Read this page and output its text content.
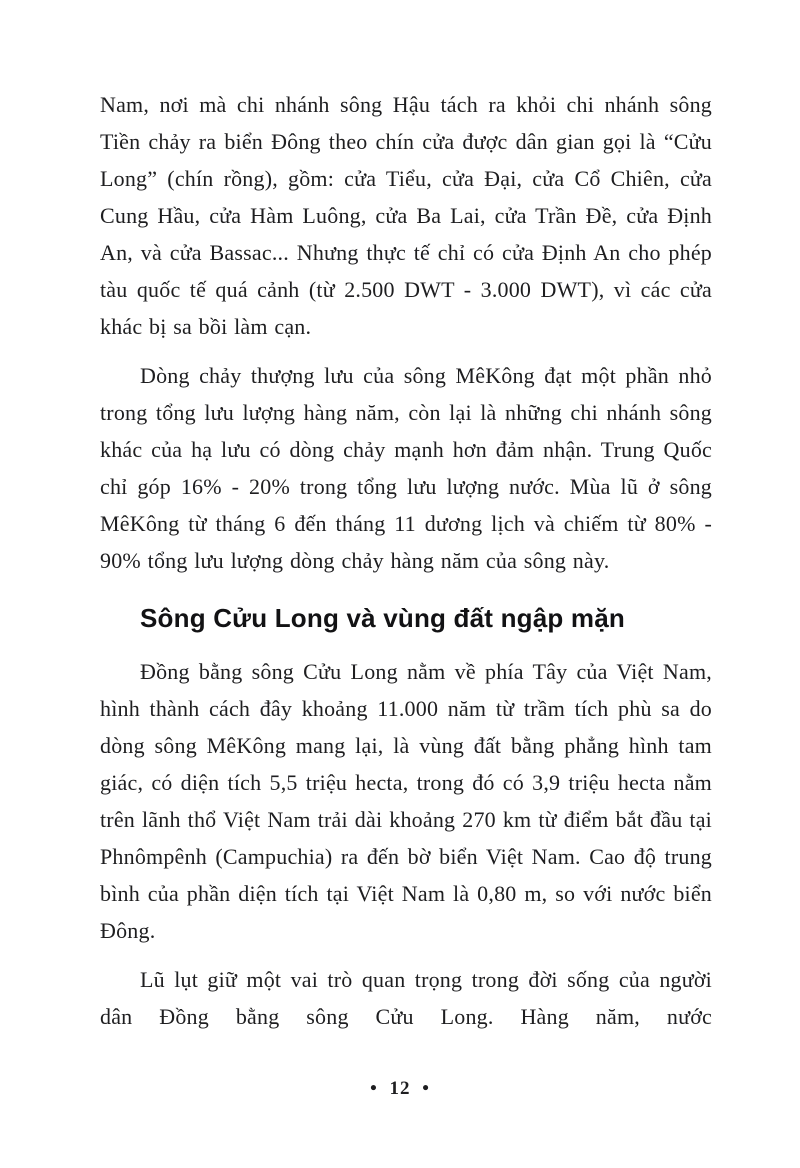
Nam, nơi mà chi nhánh sông Hậu tách ra khỏi chi nhánh sông Tiền chảy ra biển Đông theo chín cửa được dân gian gọi là “Cửu Long” (chín rồng), gồm: cửa Tiểu, cửa Đại, cửa Cổ Chiên, cửa Cung Hầu, cửa Hàm Luông, cửa Ba Lai, cửa Trần Đề, cửa Định An, và cửa Bassac... Nhưng thực tế chỉ có cửa Định An cho phép tàu quốc tế quá cảnh (từ 2.500 DWT - 3.000 DWT), vì các cửa khác bị sa bồi làm cạn.

Dòng chảy thượng lưu của sông MêKông đạt một phần nhỏ trong tổng lưu lượng hàng năm, còn lại là những chi nhánh sông khác của hạ lưu có dòng chảy mạnh hơn đảm nhận. Trung Quốc chỉ góp 16% - 20% trong tổng lưu lượng nước. Mùa lũ ở sông MêKông từ tháng 6 đến tháng 11 dương lịch và chiếm từ 80% - 90% tổng lưu lượng dòng chảy hàng năm của sông này.

Sông Cửu Long và vùng đất ngập mặn

Đồng bằng sông Cửu Long nằm về phía Tây của Việt Nam, hình thành cách đây khoảng 11.000 năm từ trầm tích phù sa do dòng sông MêKông mang lại, là vùng đất bằng phẳng hình tam giác, có diện tích 5,5 triệu hecta, trong đó có 3,9 triệu hecta nằm trên lãnh thổ Việt Nam trải dài khoảng 270 km từ điểm bắt đầu tại Phnômpênh (Campuchia) ra đến bờ biển Việt Nam. Cao độ trung bình của phần diện tích tại Việt Nam là 0,80 m, so với nước biển Đông.

Lũ lụt giữ một vai trò quan trọng trong đời sống của người dân Đồng bằng sông Cửu Long. Hàng năm, nước

• 12 •
